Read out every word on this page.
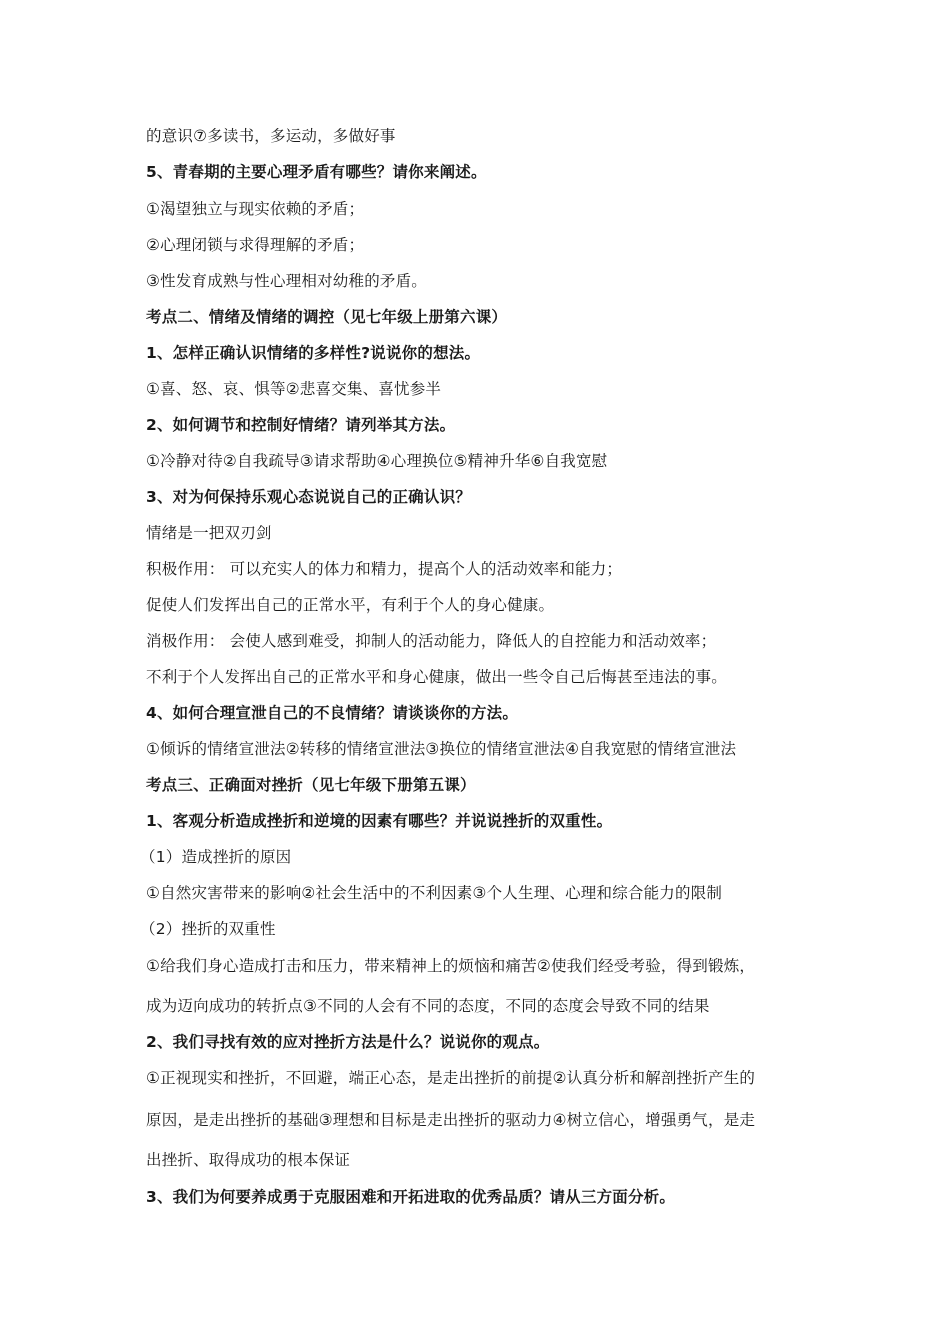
的意识⑦多读书，多运动，多做好事
5、青春期的主要心理矛盾有哪些？请你来阐述。
①渴望独立与现实依赖的矛盾；
②心理闭锁与求得理解的矛盾；
③性发育成熟与性心理相对幼稚的矛盾。
考点二、情绪及情绪的调控（见七年级上册第六课）
1、怎样正确认识情绪的多样性?说说你的想法。
①喜、怒、哀、惧等②悲喜交集、喜忧参半
2、如何调节和控制好情绪？请列举其方法。
①冷静对待②自我疏导③请求帮助④心理换位⑤精神升华⑥自我宽慰
3、对为何保持乐观心态说说自己的正确认识？
情绪是一把双刃剑
积极作用： 可以充实人的体力和精力，提高个人的活动效率和能力；
促使人们发挥出自己的正常水平，有利于个人的身心健康。
消极作用： 会使人感到难受，抑制人的活动能力，降低人的自控能力和活动效率；
不利于个人发挥出自己的正常水平和身心健康，做出一些令自己后悔甚至违法的事。
4、如何合理宣泄自己的不良情绪？请谈谈你的方法。
①倾诉的情绪宣泄法②转移的情绪宣泄法③换位的情绪宣泄法④自我宽慰的情绪宣泄法
考点三、正确面对挫折（见七年级下册第五课）
1、客观分析造成挫折和逆境的因素有哪些？并说说挫折的双重性。
（1）造成挫折的原因
①自然灾害带来的影响②社会生活中的不利因素③个人生理、心理和综合能力的限制
（2）挫折的双重性
①给我们身心造成打击和压力，带来精神上的烦恼和痛苦②使我们经受考验，得到锻炼，
成为迈向成功的转折点③不同的人会有不同的态度，不同的态度会导致不同的结果
2、我们寻找有效的应对挫折方法是什么？说说你的观点。
①正视现实和挫折，不回避，端正心态，是走出挫折的前提②认真分析和解剖挫折产生的
原因，是走出挫折的基础③理想和目标是走出挫折的驱动力④树立信心，增强勇气，是走
出挫折、取得成功的根本保证
3、我们为何要养成勇于克服困难和开拓进取的优秀品质？请从三方面分析。
